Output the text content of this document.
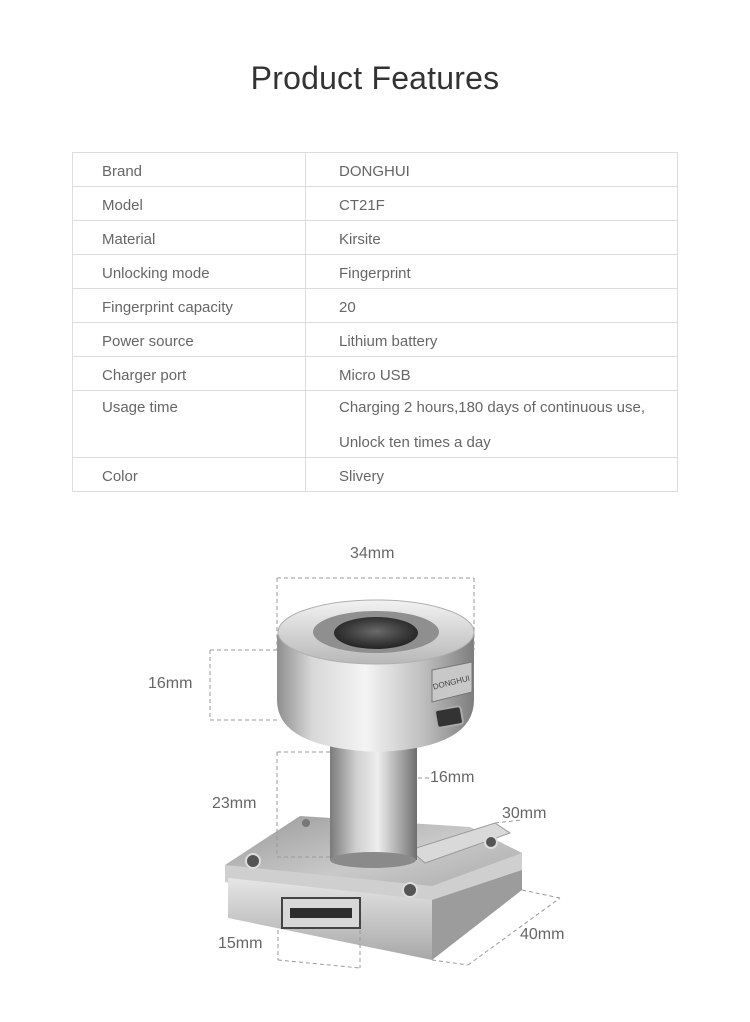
Product Features
Brand	DONGHUI

Model	CT21F

Material	Kirsite

Unlocking mode	Fingerprint

Fingerprint capacity	20

Power source	Lithium battery

Charger port	Micro USB

Usage time	Charging 2 hours,180 days of continuous use,
Unlock ten times a day

Color	Slivery
DONGHUI
34mm
16mm
23mm
16mm
30mm
40mm
15mm
